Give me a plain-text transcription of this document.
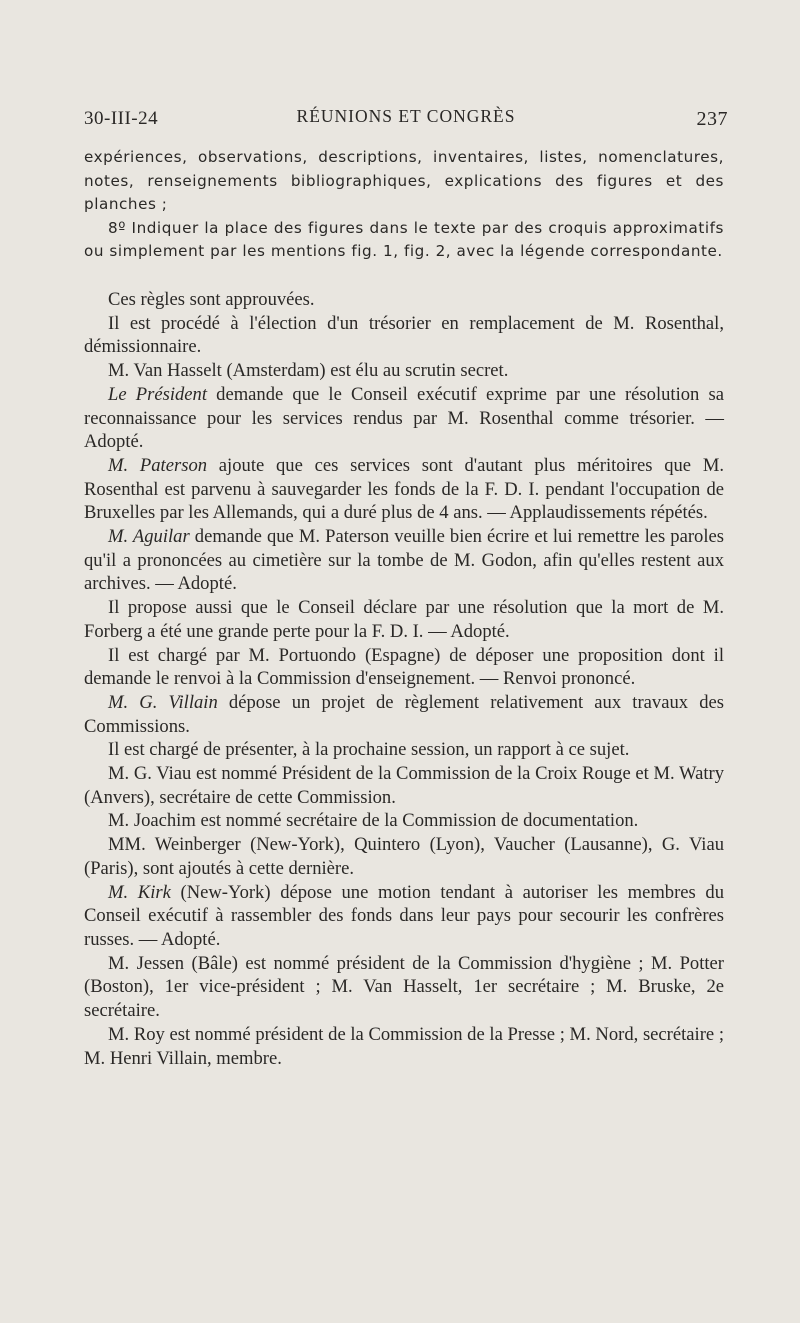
30-III-24	RÉUNIONS ET CONGRÈS	237

expériences, observations, descriptions, inventaires, listes, nomenclatures, notes, renseignements bibliographiques, explications des figures et des planches ;

8º Indiquer la place des figures dans le texte par des croquis approximatifs ou simplement par les mentions fig. 1, fig. 2, avec la légende correspondante.

Ces règles sont approuvées.

Il est procédé à l'élection d'un trésorier en remplacement de M. Rosenthal, démissionnaire.

M. Van Hasselt (Amsterdam) est élu au scrutin secret.

Le Président demande que le Conseil exécutif exprime par une résolution sa reconnaissance pour les services rendus par M. Rosenthal comme trésorier. — Adopté.

M. Paterson ajoute que ces services sont d'autant plus méritoires que M. Rosenthal est parvenu à sauvegarder les fonds de la F. D. I. pendant l'occupation de Bruxelles par les Allemands, qui a duré plus de 4 ans. — Applaudissements répétés.

M. Aguilar demande que M. Paterson veuille bien écrire et lui remettre les paroles qu'il a prononcées au cimetière sur la tombe de M. Godon, afin qu'elles restent aux archives. — Adopté.

Il propose aussi que le Conseil déclare par une résolution que la mort de M. Forberg a été une grande perte pour la F. D. I. — Adopté.

Il est chargé par M. Portuondo (Espagne) de déposer une proposition dont il demande le renvoi à la Commission d'enseignement. — Renvoi prononcé.

M. G. Villain dépose un projet de règlement relativement aux travaux des Commissions.

Il est chargé de présenter, à la prochaine session, un rapport à ce sujet.

M. G. Viau est nommé Président de la Commission de la Croix Rouge et M. Watry (Anvers), secrétaire de cette Commission.

M. Joachim est nommé secrétaire de la Commission de documentation.

MM. Weinberger (New-York), Quintero (Lyon), Vaucher (Lausanne), G. Viau (Paris), sont ajoutés à cette dernière.

M. Kirk (New-York) dépose une motion tendant à autoriser les membres du Conseil exécutif à rassembler des fonds dans leur pays pour secourir les confrères russes. — Adopté.

M. Jessen (Bâle) est nommé président de la Commission d'hygiène ; M. Potter (Boston), 1er vice-président ; M. Van Hasselt, 1er secrétaire ; M. Bruske, 2e secrétaire.

M. Roy est nommé président de la Commission de la Presse ; M. Nord, secrétaire ; M. Henri Villain, membre.
